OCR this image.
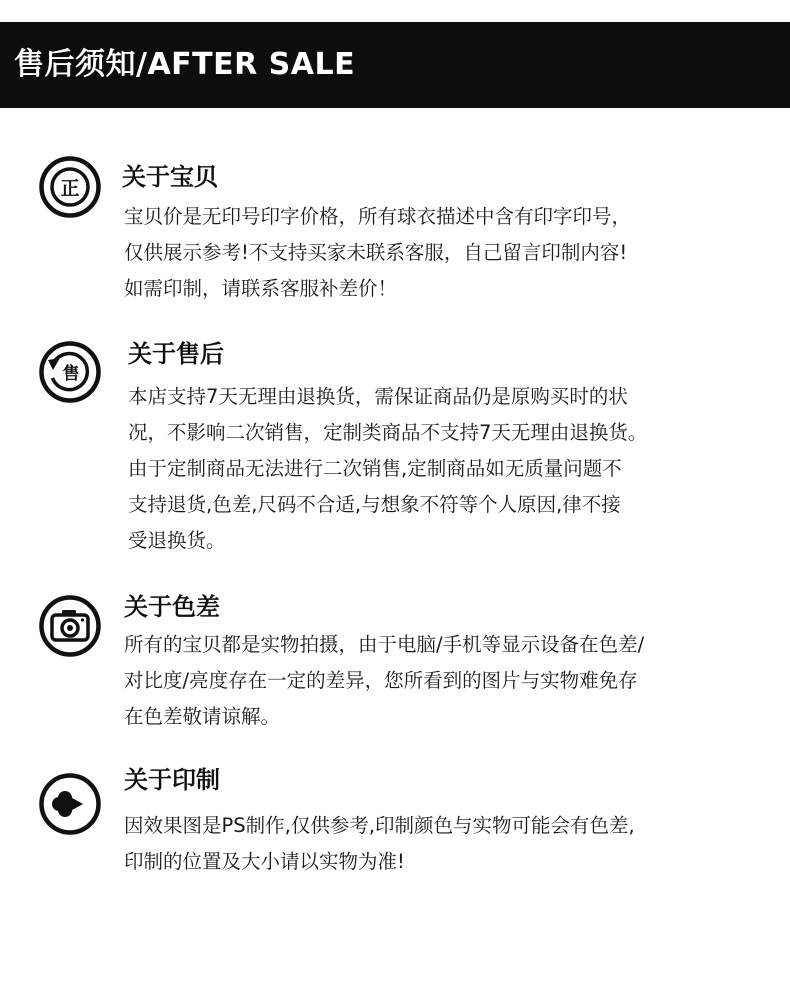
售后须知/AFTER SALE
正 关于宝贝

宝贝价是无印号印字价格，所有球衣描述中含有印字印号，
仅供展示参考!不支持买家未联系客服，自己留言印制内容!
如需印制，请联系客服补差价！

售
关于售后

本店支持7天无理由退换货，需保证商品仍是原购买时的状
况，不影响二次销售，定制类商品不支持7天无理由退换货。
由于定制商品无法进行二次销售,定制商品如无质量问题不
支持退货,色差,尺码不合适,与想象不符等个人原因,律不接
受退换货。

关于色差

所有的宝贝都是实物拍摄，由于电脑/手机等显示设备在色差/
对比度/亮度存在一定的差异，您所看到的图片与实物难免存
在色差敬请谅解。

关于印制

因效果图是PS制作,仅供参考,印制颜色与实物可能会有色差,
印制的位置及大小请以实物为准!
